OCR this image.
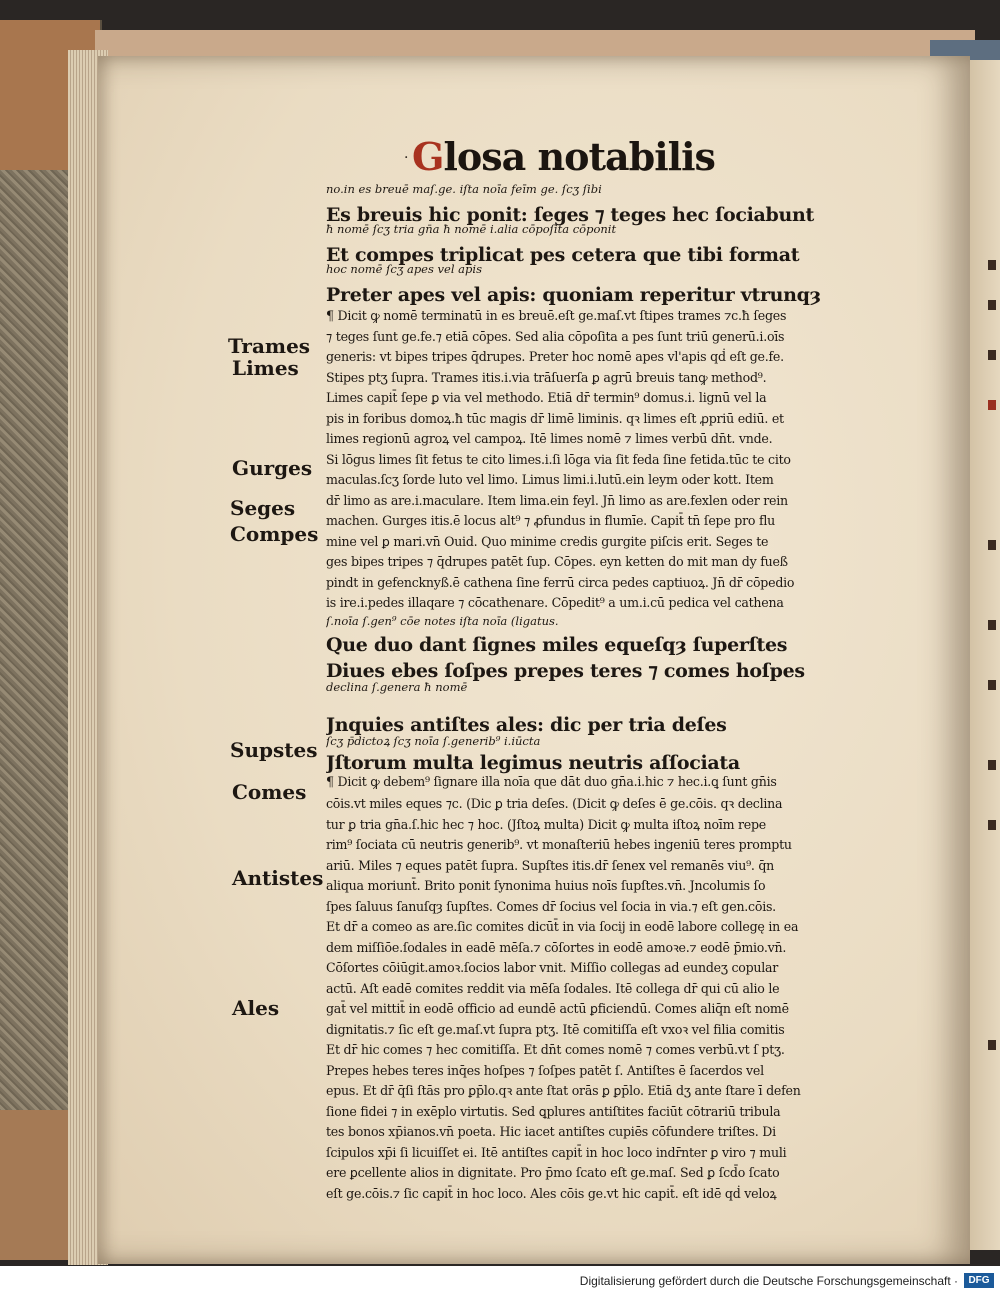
· Glosa notabilis
no.in es breuē maſ.ge. iſta noīa feīm ge. ſcʒ ſibi
Es breuis hic ponit: ſeges ⁊ teges hec ſociabunt
ħ nomē ſcʒ tria gn̄a ħ nomē i.alia cōpoſita cōponit
Et compes triplicat pes cetera que tibi format
hoc nomē ſcʒ apes vel apis
Preter apes vel apis: quoniam reperitur vtrunqȝ
¶ Dicit ꝙ nomē terminatū in es breuē.eſt ge.maſ.vt ſtipes trames ⁊c.ħ ſeges
⁊ teges ſunt ge.fe.⁊ etiā cōpes. Sed alia cōpoſita a pes ſunt triū generū.i.oīs
generis: vt bipes tripes q̄drupes. Preter hoc nomē apes vl'apis qḋ eſt ge.fe.
Stipes ptʒ ſupra. Trames itis.i.via trāſuerſa ꝑ agrū breuis tanꝙ method⁹.
Limes capit̄ ſepe ꝑ via vel methodo. Etiā dr̄ termin⁹ domus.i. lignū vel la
pis in foribus domoꝝ.ħ tūc magis dr̄ limē liminis. qꝛ limes eſt ꝓpriū ediū. et
limes regionū agroꝝ vel campoꝝ. Itē limes nomē ⁊ limes verbū dn̄t. vnde.
Si lōgus limes ſit fetus te cito limes.i.ſi lōga via ſit feda ſine fetida.tūc te cito
maculas.ſcʒ ſorde luto vel limo. Limus limi.i.lutū.ein leym oder kott. Item
dr̄ limo as are.i.maculare. Item lima.ein feyl. Jn̄ limo as are.fexlen oder rein
machen. Gurges itis.ē locus alt⁹ ⁊ ꝓfundus in flumīe. Capit̄ tn̄ ſepe pro flu
mine vel ꝑ mari.vn̄ Ouid. Quo minime credis gurgite piſcis erit. Seges te
ges bipes tripes ⁊ q̄drupes patēt ſup. Cōpes. eyn ketten do mit man dy fueß
pindt in gefencknyß.ē cathena ſine ferrū circa pedes captiuoꝝ. Jn̄ dr̄ cōpedio
is ire.i.pedes illaqare ⁊ cōcathenare. Cōpedit⁹ a um.i.cū pedica vel cathena
ſ.noīa ſ.gen⁹ cōe notes iſta noīa (ligatus.
Que duo dant ſignes miles equeſqȝ ſuperſtes
Diues ebes ſoſpes prepes teres ⁊ comes hoſpes
declina ſ.genera ħ nomē
Jnquies antiſtes ales: dic per tria deſes
ſcʒ p̄dictoꝝ ſcʒ noīa ſ.generib⁹ i.iūcta
Jſtorum multa legimus neutris aſſociata
¶ Dicit ꝙ debem⁹ ſignare illa noīa que dāt duo gn̄a.i.hic ⁊ hec.i.ꝗ ſunt gn̄is
cōis.vt miles eques ⁊c. (Dic ꝑ tria deſes. (Dicit ꝙ deſes ē ge.cōis. qꝛ declina
tur ꝑ tria gn̄a.ſ.hic hec ⁊ hoc. (Jſtoꝝ multa) Dicit ꝙ multa iſtoꝝ noīm repe
rim⁹ ſociata cū neutris generib⁹. vt monaſteriū hebes ingeniū teres promptu
ariū. Miles ⁊ eques patēt ſupra. Supſtes itis.dr̄ ſenex vel remanēs viu⁹. q̄n
aliqua moriunt̄. Brito ponit ſynonima huius noīs ſupſtes.vn̄. Jncolumis ſo
ſpes ſaluus ſanuſqȝ ſupſtes. Comes dr̄ ſocius vel ſocia in via.⁊ eſt gen.cōis.
Et dr̄ a comeo as are.ſic comites dicūt̄ in via ſocij in eodē labore collegę in ea
dem miſſiōe.ſodales in eadē mēſa.⁊ cōſortes in eodē amoꝛe.⁊ eodē p̄mio.vn̄.
Cōſortes cōiūgit.amoꝛ.ſocios labor vnit. Miſſio collegas ad eundeʒ copular
actū. Aſt eadē comites reddit via mēſa ſodales. Itē collega dr̄ qui cū alio le
gat̄ vel mittit̄ in eodē officio ad eundē actū ꝑficiendū. Comes aliq̄n eſt nomē
dignitatis.⁊ ſic eſt ge.maſ.vt ſupra ptʒ. Itē comitiſſa eſt vxoꝛ vel filia comitis
Et dr̄ hic comes ⁊ hec comitiſſa. Et dn̄t comes nomē ⁊ comes verbū.vt ſ ptʒ.
Prepes hebes teres inq̄es hoſpes ⁊ ſoſpes patēt ſ. Antiſtes ē ſacerdos vel
epus. Et dr̄ q̄ſi ſtās pro ꝑp̄lo.qꝛ ante ſtat orās ꝑ ꝑp̄lo. Etiā dʒ ante ſtare ī defen
ſione fidei ⁊ in exēplo virtutis. Sed ꝗplures antiſtites faciūt cōtrariū tribula
tes bonos xp̄ianos.vn̄ poeta. Hic iacet antiſtes cupiēs cōfundere triſtes. Di
ſcipulos xp̄i ſi licuiſſet ei. Itē antiſtes capit̄ in hoc loco indr̄nter ꝑ viro ⁊ muli
ere ꝑcellente alios in dignitate. Pro p̄mo ſcato eſt ge.maſ. Sed ꝑ ſcd̄o ſcato
eſt ge.cōis.⁊ ſic capit̄ in hoc loco. Ales cōis ge.vt hic capit̄. eſt idē qḋ veloꝝ
Trames
Limes
Gurges
Seges
Compes
Supstes
Comes
Antistes
Ales
Digitalisierung gefördert durch die Deutsche Forschungsgemeinschaft ·	DFG
